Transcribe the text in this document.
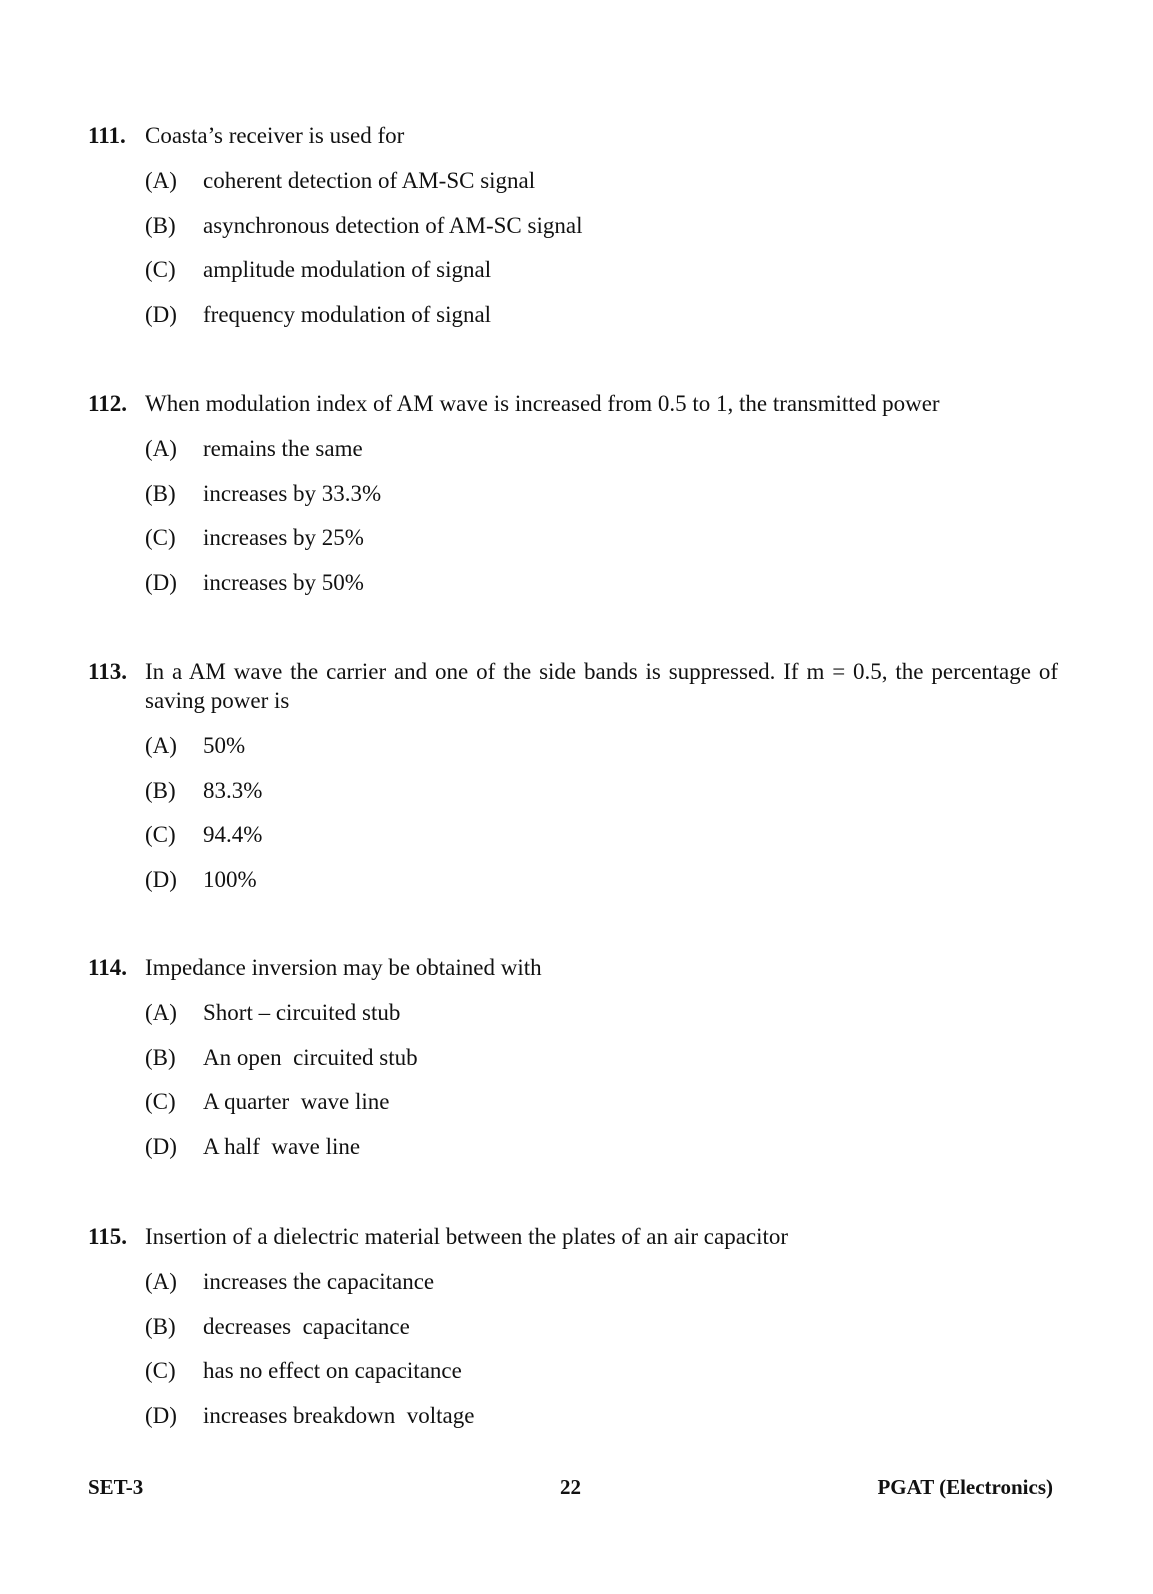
111. Coasta’s receiver is used for
(A)	coherent detection of AM-SC signal
(B)	asynchronous detection of AM-SC signal
(C)	amplitude modulation of signal
(D)	frequency modulation of signal
112. When modulation index of AM wave is increased from 0.5 to 1, the transmitted power
(A)	remains the same
(B)	increases by 33.3%
(C)	increases by 25%
(D)	increases by 50%
113. In a AM wave the carrier and one of the side bands is suppressed. If m = 0.5, the percentage of saving power is
(A)	50%
(B)	83.3%
(C)	94.4%
(D)	100%
114. Impedance inversion may be obtained with
(A)	Short – circuited stub
(B)	An open  circuited stub
(C)	A quarter  wave line
(D)	A half  wave line
115. Insertion of a dielectric material between the plates of an air capacitor
(A)	increases the capacitance
(B)	decreases  capacitance
(C)	has no effect on capacitance
(D)	increases breakdown  voltage
SET-3	22	PGAT (Electronics)
